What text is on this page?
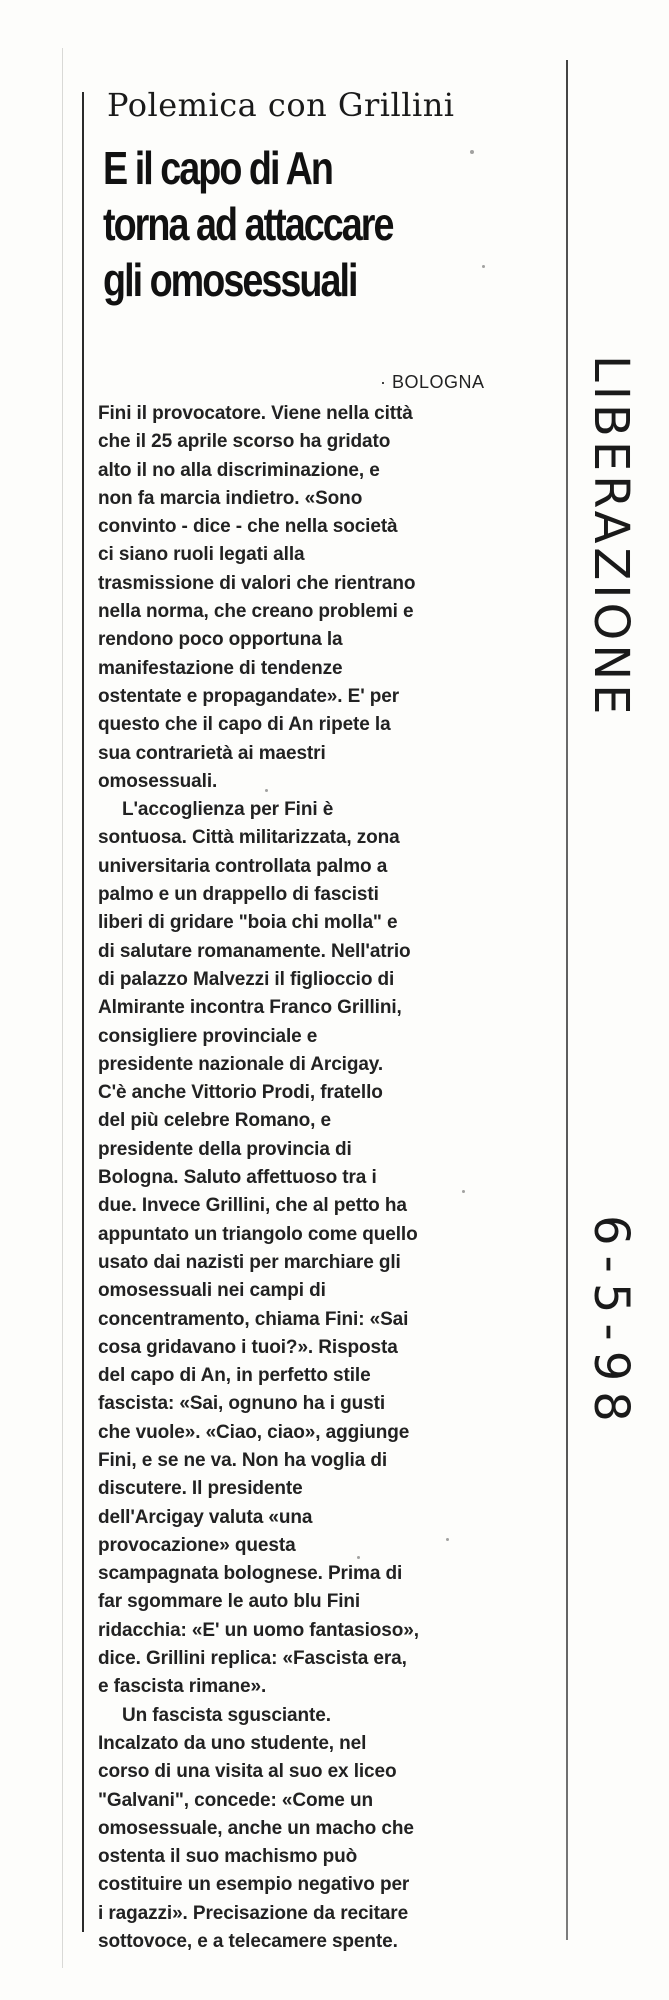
Polemica con Grillini
E il capo di An
torna ad attaccare
gli omosessuali
· BOLOGNA
Fini il provocatore. Viene nella città
che il 25 aprile scorso ha gridato
alto il no alla discriminazione, e
non fa marcia indietro. «Sono
convinto - dice - che nella società
ci siano ruoli legati alla
trasmissione di valori che rientrano
nella norma, che creano problemi e
rendono poco opportuna la
manifestazione di tendenze
ostentate e propagandate». E' per
questo che il capo di An ripete la
sua contrarietà ai maestri
omosessuali.
L'accoglienza per Fini è
sontuosa. Città militarizzata, zona
universitaria controllata palmo a
palmo e un drappello di fascisti
liberi di gridare "boia chi molla" e
di salutare romanamente. Nell'atrio
di palazzo Malvezzi il figlioccio di
Almirante incontra Franco Grillini,
consigliere provinciale e
presidente nazionale di Arcigay.
C'è anche Vittorio Prodi, fratello
del più celebre Romano, e
presidente della provincia di
Bologna. Saluto affettuoso tra i
due. Invece Grillini, che al petto ha
appuntato un triangolo come quello
usato dai nazisti per marchiare gli
omosessuali nei campi di
concentramento, chiama Fini: «Sai
cosa gridavano i tuoi?». Risposta
del capo di An, in perfetto stile
fascista: «Sai, ognuno ha i gusti
che vuole». «Ciao, ciao», aggiunge
Fini, e se ne va. Non ha voglia di
discutere. Il presidente
dell'Arcigay valuta «una
provocazione» questa
scampagnata bolognese. Prima di
far sgommare le auto blu Fini
ridacchia: «E' un uomo fantasioso»,
dice. Grillini replica: «Fascista era,
e fascista rimane».
Un fascista sgusciante.
Incalzato da uno studente, nel
corso di una visita al suo ex liceo
"Galvani", concede: «Come un
omosessuale, anche un macho che
ostenta il suo machismo può
costituire un esempio negativo per
i ragazzi». Precisazione da recitare
sottovoce, e a telecamere spente.
LIBERAZIONE
6-5-98
